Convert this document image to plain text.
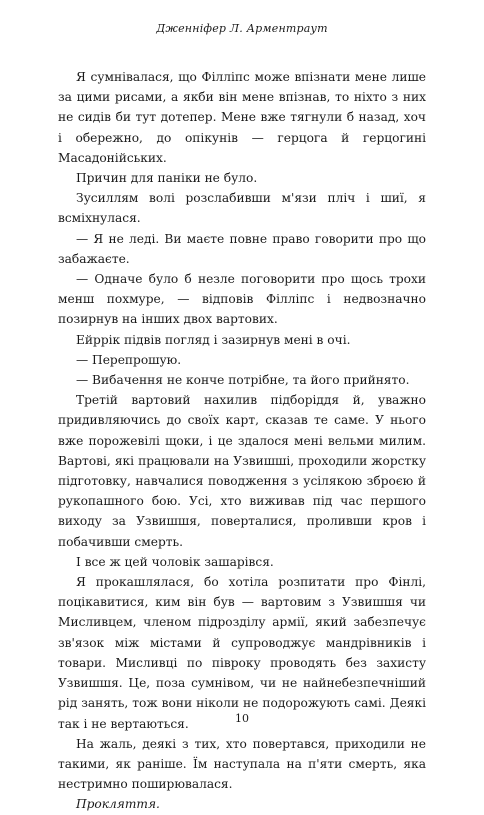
Дженніфер Л. Арментраут

Я сумнівалася, що Філліпс може впізнати мене лише за цими рисами, а якби він мене впізнав, то ніхто з них не сидів би тут дотепер. Мене вже тягнули б назад, хоч і обережно, до опікунів — герцога й герцогині Масадонійських.

Причин для паніки не було.

Зусиллям волі розслабивши м'язи пліч і шиї, я всміхнулася.

— Я не леді. Ви маєте повне право говорити про що забажаєте.

— Одначе було б незле поговорити про щось трохи менш похмуре, — відповів Філліпс і недвозначно позирнув на інших двох вартових.

Ейррік підвів погляд і зазирнув мені в очі.

— Перепрошую.

— Вибачення не конче потрібне, та його прийнято.

Третій вартовий нахилив підборіддя й, уважно придивляючись до своїх карт, сказав те саме. У нього вже порожевілі щоки, і це здалося мені вельми милим. Вартові, які працювали на Узвишші, проходили жорстку підготовку, навчалися поводження з усілякою зброєю й рукопашного бою. Усі, хто виживав під час першого виходу за Узвишшя, поверталися, проливши кров і побачивши смерть.

І все ж цей чоловік зашарівся.

Я прокашлялася, бо хотіла розпитати про Фінлі, поцікавитися, ким він був — вартовим з Узвишшя чи Мисливцем, членом підрозділу армії, який забезпечує зв'язок між містами й супроводжує мандрівників і товари. Мисливці по півроку проводять без захисту Узвишшя. Це, поза сумнівом, чи не найнебезпечніший рід занять, тож вони ніколи не подорожують самі. Деякі так і не вертаються.

На жаль, деякі з тих, хто повертався, приходили не такими, як раніше. Їм наступала на п'яти смерть, яка нестримно поширювалася.

Прокляття.

10
